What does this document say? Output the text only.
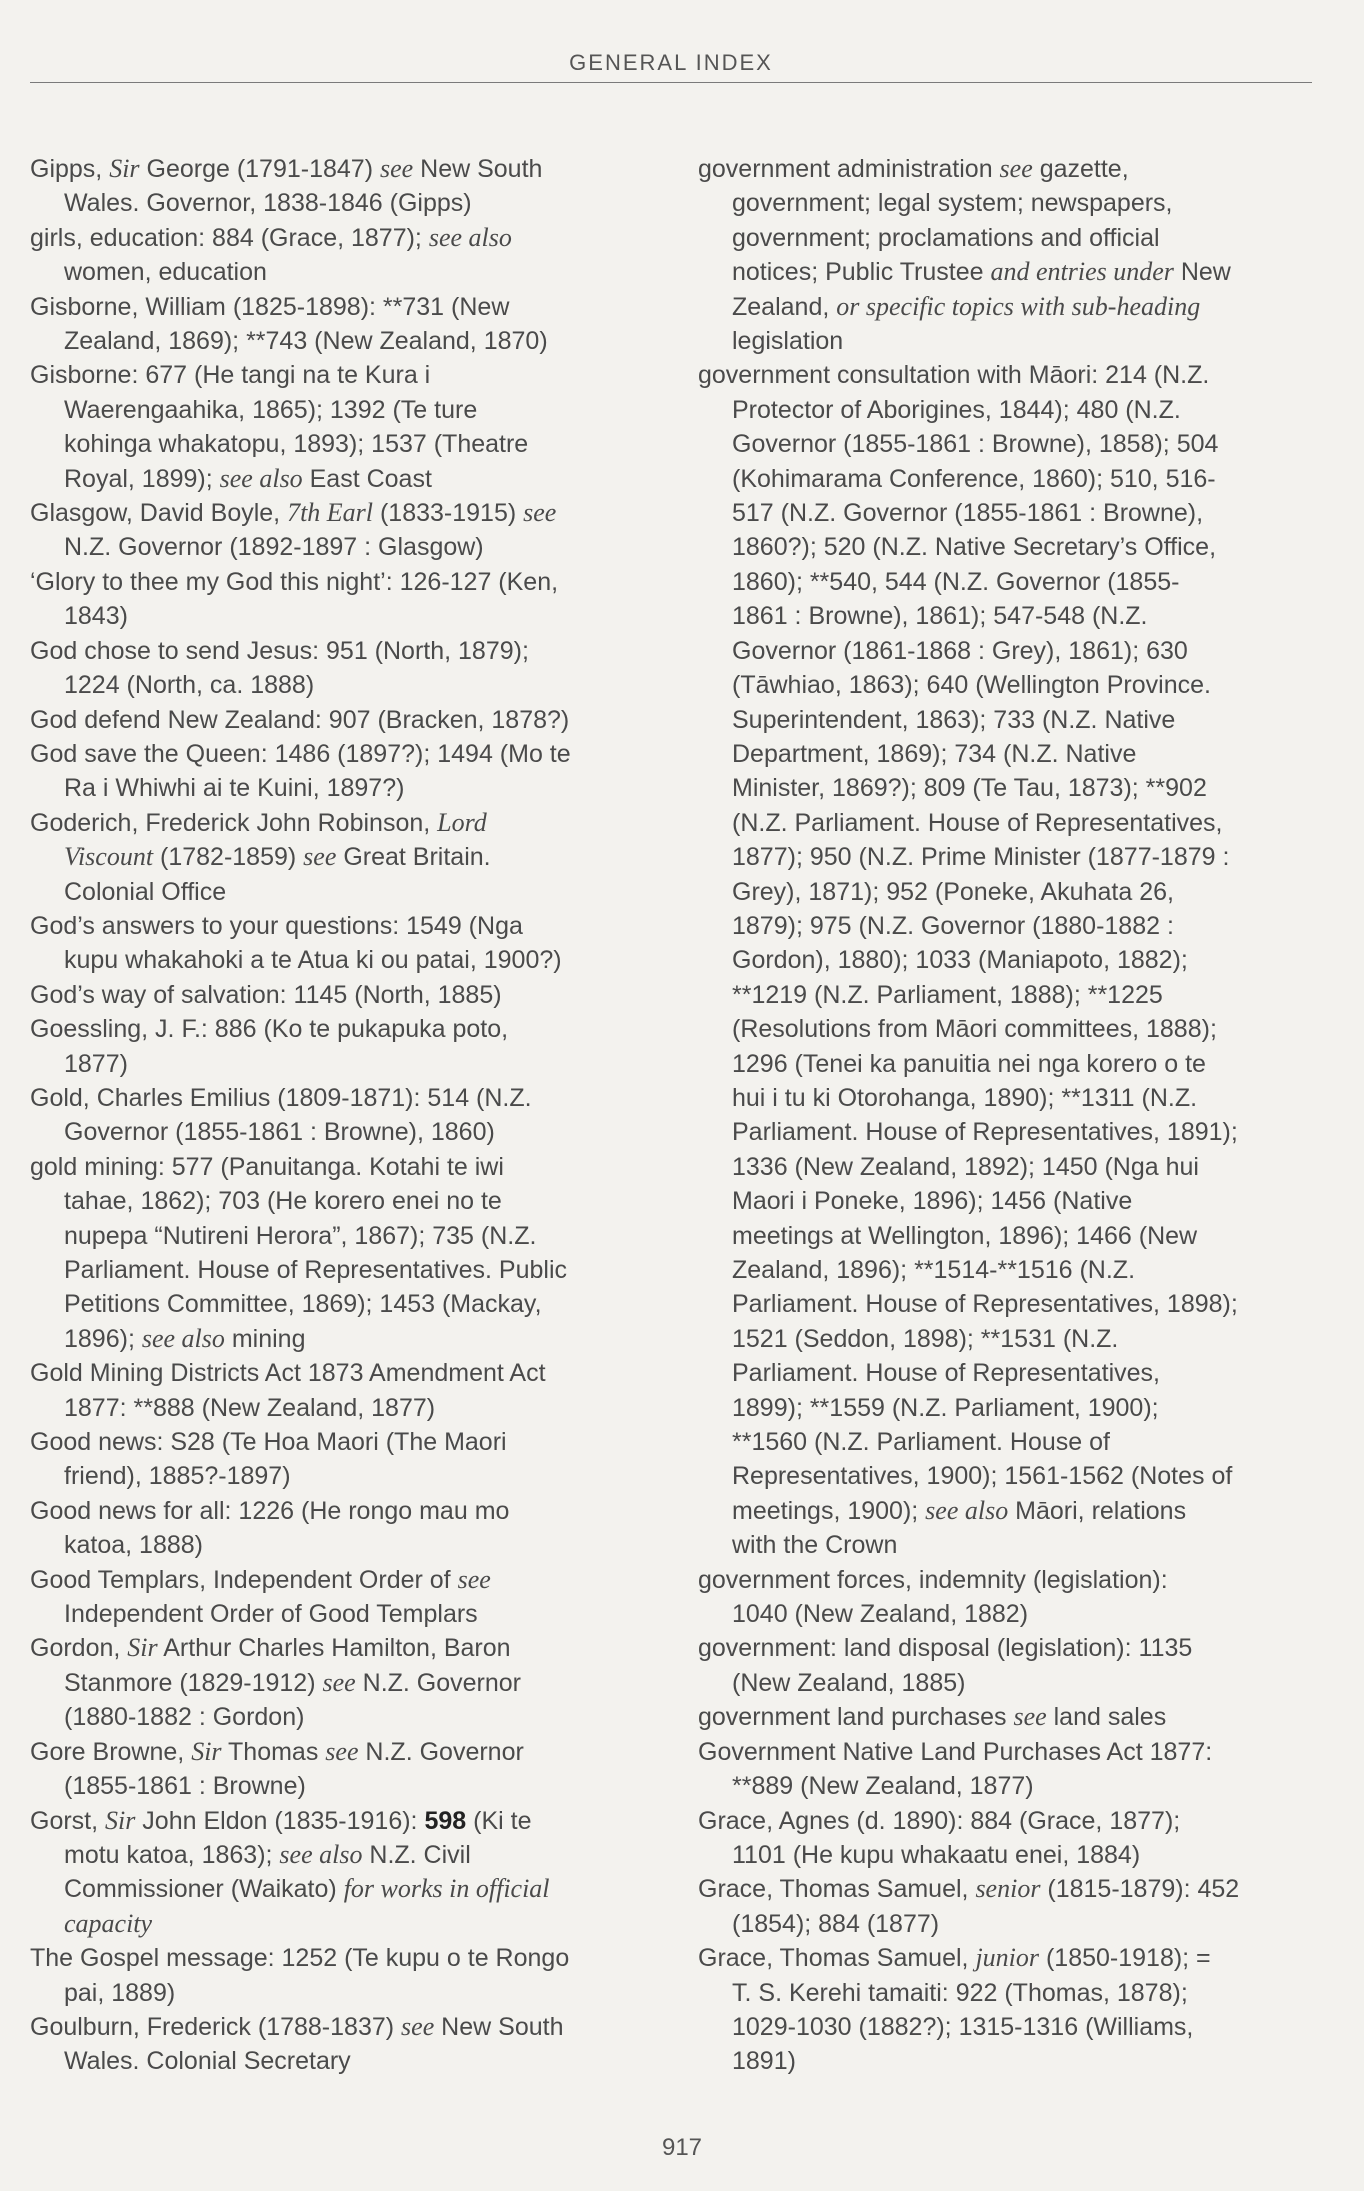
GENERAL INDEX

Gipps, Sir George (1791-1847) see New South
Wales. Governor, 1838-1846 (Gipps)

girls, education: 884 (Grace, 1877); see also
women, education

Gisborne, William (1825-1898): **731 (New
Zealand, 1869); **743 (New Zealand, 1870)

Gisborne: 677 (He tangi na te Kura i
Waerengaahika, 1865); 1392 (Te ture
kohinga whakatopu, 1893); 1537 (Theatre
Royal, 1899); see also East Coast

Glasgow, David Boyle, 7th Earl (1833-1915) see
N.Z. Governor (1892-1897 : Glasgow)

‘Glory to thee my God this night’: 126-127 (Ken,
1843)

God chose to send Jesus: 951 (North, 1879);
1224 (North, ca. 1888)

God defend New Zealand: 907 (Bracken, 1878?)

God save the Queen: 1486 (1897?); 1494 (Mo te
Ra i Whiwhi ai te Kuini, 1897?)

Goderich, Frederick John Robinson, Lord
Viscount (1782-1859) see Great Britain.
Colonial Office

God’s answers to your questions: 1549 (Nga
kupu whakahoki a te Atua ki ou patai, 1900?)

God’s way of salvation: 1145 (North, 1885)

Goessling, J. F.: 886 (Ko te pukapuka poto,
1877)

Gold, Charles Emilius (1809-1871): 514 (N.Z.
Governor (1855-1861 : Browne), 1860)

gold mining: 577 (Panuitanga. Kotahi te iwi
tahae, 1862); 703 (He korero enei no te
nupepa “Nutireni Herora”, 1867); 735 (N.Z.
Parliament. House of Representatives. Public
Petitions Committee, 1869); 1453 (Mackay,
1896); see also mining

Gold Mining Districts Act 1873 Amendment Act
1877: **888 (New Zealand, 1877)

Good news: S28 (Te Hoa Maori (The Maori
friend), 1885?-1897)

Good news for all: 1226 (He rongo mau mo
katoa, 1888)

Good Templars, Independent Order of see
Independent Order of Good Templars

Gordon, Sir Arthur Charles Hamilton, Baron
Stanmore (1829-1912) see N.Z. Governor
(1880-1882 : Gordon)

Gore Browne, Sir Thomas see N.Z. Governor
(1855-1861 : Browne)

Gorst, Sir John Eldon (1835-1916): 598 (Ki te
motu katoa, 1863); see also N.Z. Civil
Commissioner (Waikato) for works in official
capacity

The Gospel message: 1252 (Te kupu o te Rongo
pai, 1889)

Goulburn, Frederick (1788-1837) see New South
Wales. Colonial Secretary

government administration see gazette,
government; legal system; newspapers,
government; proclamations and official
notices; Public Trustee and entries under New
Zealand, or specific topics with sub-heading
legislation

government consultation with Māori: 214 (N.Z.
Protector of Aborigines, 1844); 480 (N.Z.
Governor (1855-1861 : Browne), 1858); 504
(Kohimarama Conference, 1860); 510, 516-
517 (N.Z. Governor (1855-1861 : Browne),
1860?); 520 (N.Z. Native Secretary’s Office,
1860); **540, 544 (N.Z. Governor (1855-
1861 : Browne), 1861); 547-548 (N.Z.
Governor (1861-1868 : Grey), 1861); 630
(Tāwhiao, 1863); 640 (Wellington Province.
Superintendent, 1863); 733 (N.Z. Native
Department, 1869); 734 (N.Z. Native
Minister, 1869?); 809 (Te Tau, 1873); **902
(N.Z. Parliament. House of Representatives,
1877); 950 (N.Z. Prime Minister (1877-1879 :
Grey), 1871); 952 (Poneke, Akuhata 26,
1879); 975 (N.Z. Governor (1880-1882 :
Gordon), 1880); 1033 (Maniapoto, 1882);
**1219 (N.Z. Parliament, 1888); **1225
(Resolutions from Māori committees, 1888);
1296 (Tenei ka panuitia nei nga korero o te
hui i tu ki Otorohanga, 1890); **1311 (N.Z.
Parliament. House of Representatives, 1891);
1336 (New Zealand, 1892); 1450 (Nga hui
Maori i Poneke, 1896); 1456 (Native
meetings at Wellington, 1896); 1466 (New
Zealand, 1896); **1514-**1516 (N.Z.
Parliament. House of Representatives, 1898);
1521 (Seddon, 1898); **1531 (N.Z.
Parliament. House of Representatives,
1899); **1559 (N.Z. Parliament, 1900);
**1560 (N.Z. Parliament. House of
Representatives, 1900); 1561-1562 (Notes of
meetings, 1900); see also Māori, relations
with the Crown

government forces, indemnity (legislation):
1040 (New Zealand, 1882)

government: land disposal (legislation): 1135
(New Zealand, 1885)

government land purchases see land sales

Government Native Land Purchases Act 1877:
**889 (New Zealand, 1877)

Grace, Agnes (d. 1890): 884 (Grace, 1877);
1101 (He kupu whakaatu enei, 1884)

Grace, Thomas Samuel, senior (1815-1879): 452
(1854); 884 (1877)

Grace, Thomas Samuel, junior (1850-1918); =
T. S. Kerehi tamaiti: 922 (Thomas, 1878);
1029-1030 (1882?); 1315-1316 (Williams,
1891)

917
